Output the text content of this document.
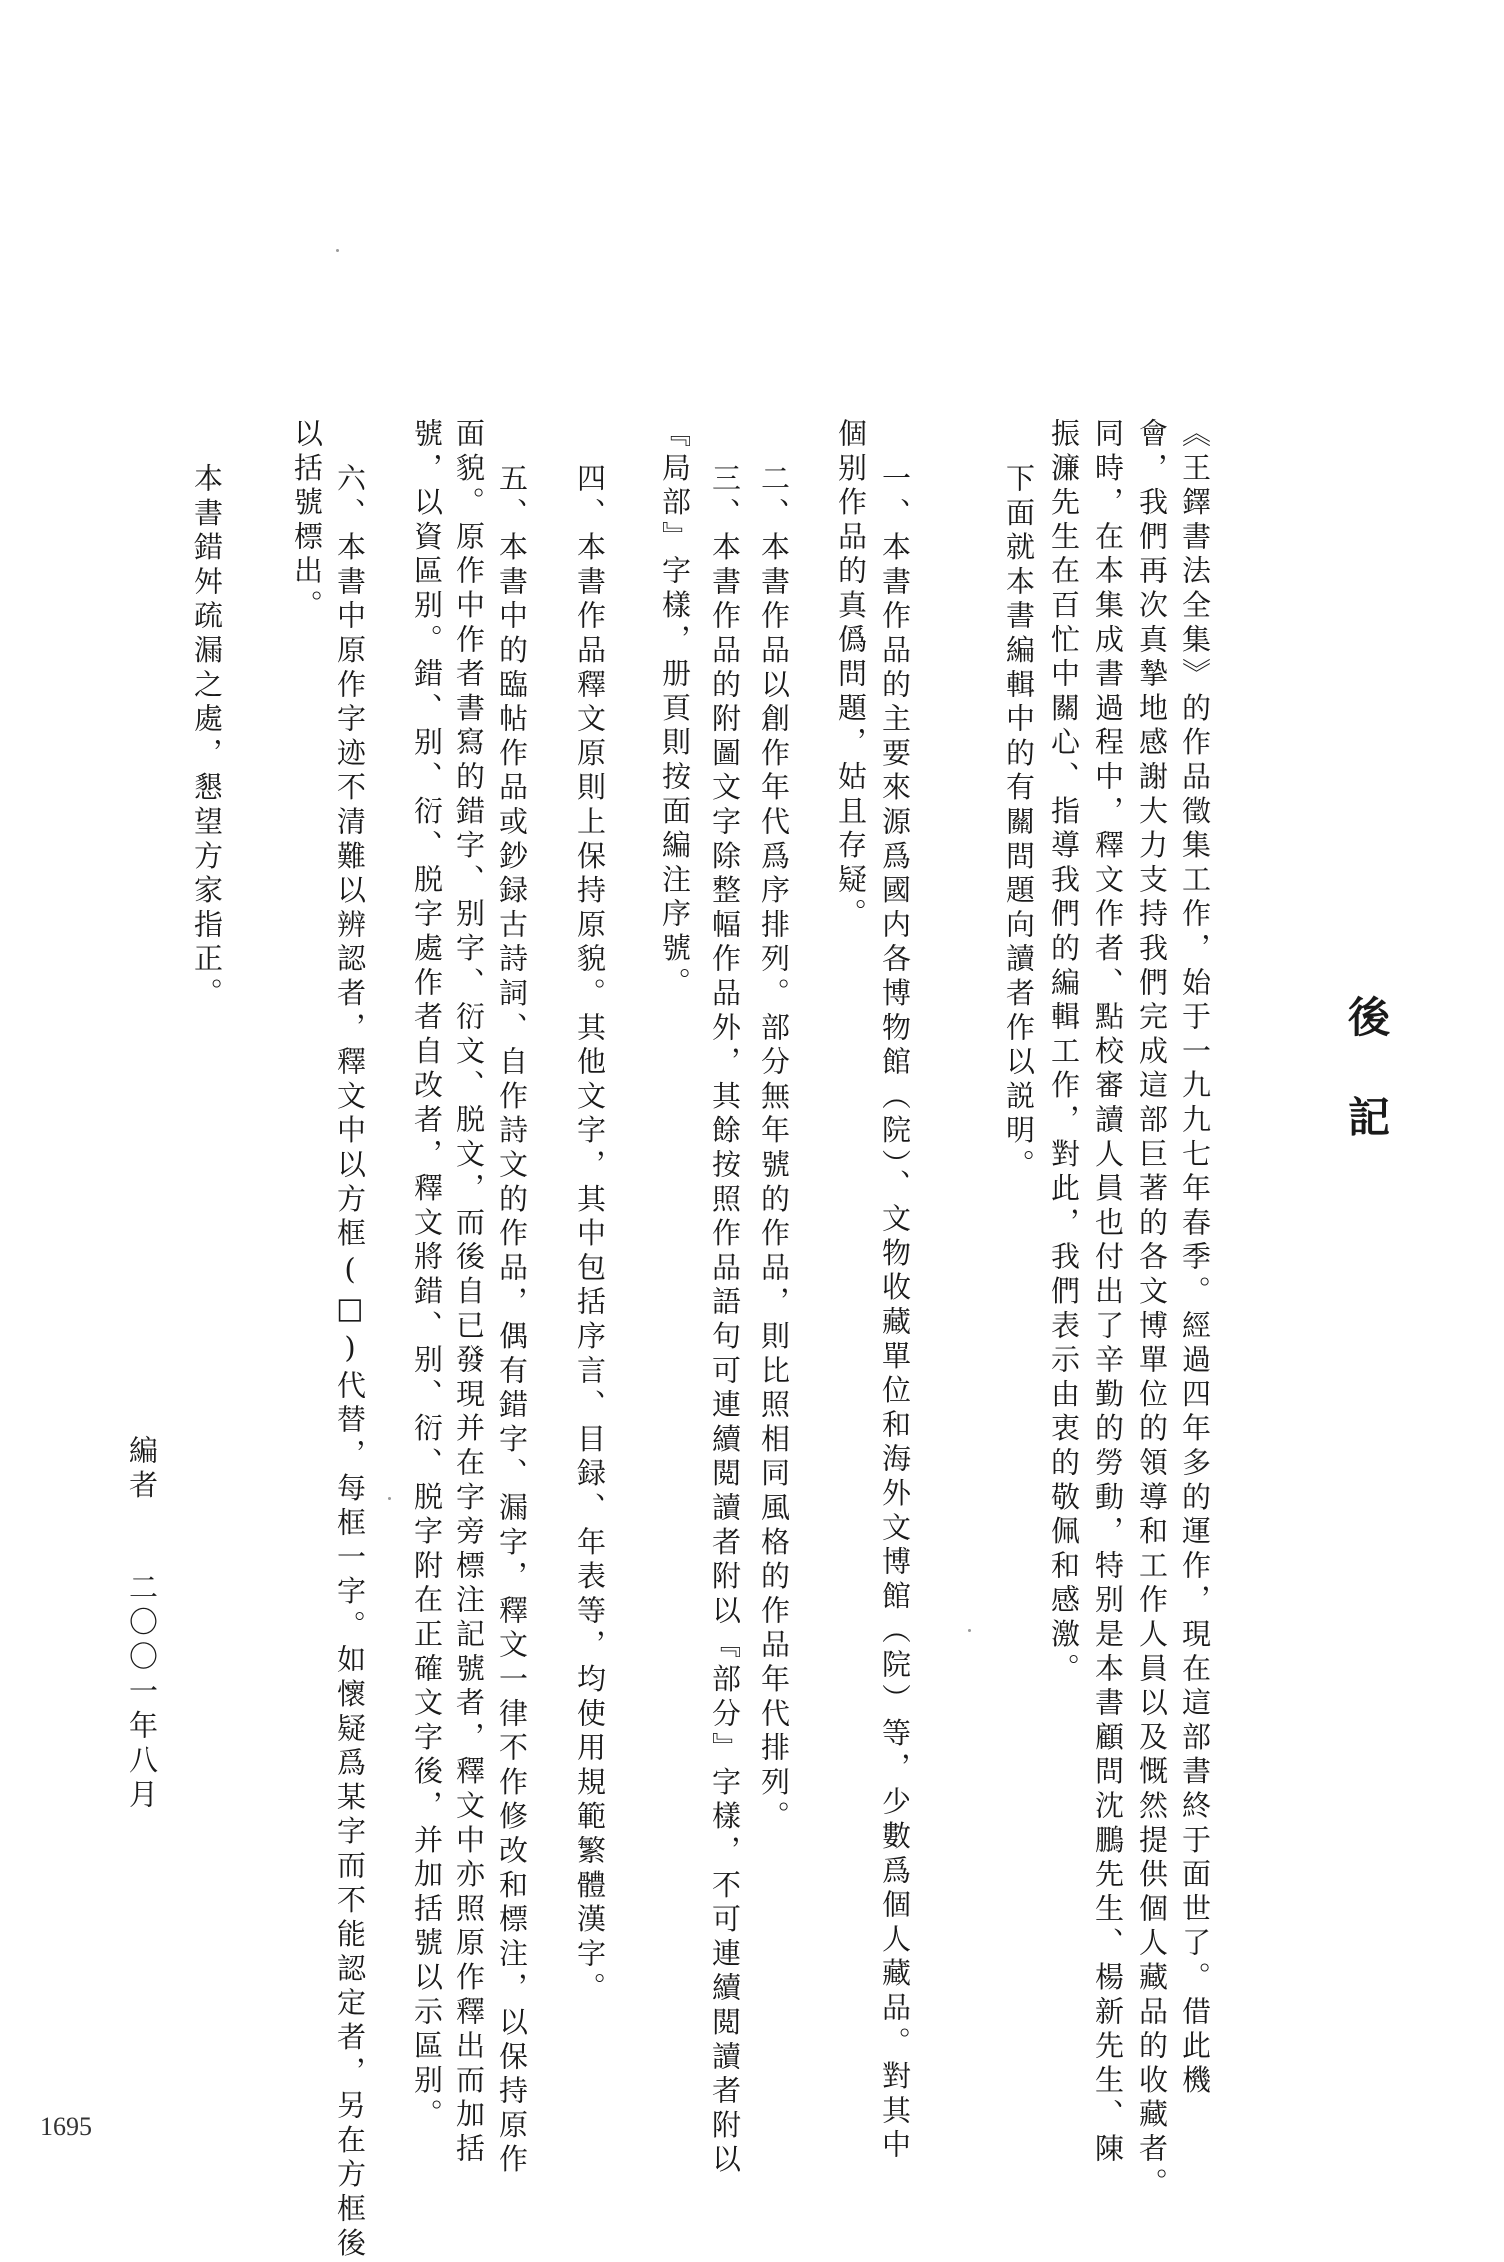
後記

《王鐸書法全集》的作品徵集工作，始于一九九七年春季。經過四年多的運作，現在這部書終于面世了。借此機

會，我們再次真摯地感謝大力支持我們完成這部巨著的各文博單位的領導和工作人員以及慨然提供個人藏品的收藏者。

同時，在本集成書過程中，釋文作者、點校審讀人員也付出了辛勤的勞動，特别是本書顧問沈鵬先生、楊新先生、陳

振濂先生在百忙中關心、指導我們的編輯工作，對此，我們表示由衷的敬佩和感激。

下面就本書編輯中的有關問題向讀者作以説明。

一、本書作品的主要來源爲國内各博物館（院）、文物收藏單位和海外文博館（院）等，少數爲個人藏品。對其中

個别作品的真僞問題，姑且存疑。

二、本書作品以創作年代爲序排列。部分無年號的作品，則比照相同風格的作品年代排列。

三、本書作品的附圖文字除整幅作品外，其餘按照作品語句可連續閲讀者附以『部分』字樣，不可連續閲讀者附以

『局部』字樣，册頁則按面編注序號。

四、本書作品釋文原則上保持原貌。其他文字，其中包括序言、目録、年表等，均使用規範繁體漢字。

五、本書中的臨帖作品或鈔録古詩詞、自作詩文的作品，偶有錯字、漏字，釋文一律不作修改和標注，以保持原作

面貌。原作中作者書寫的錯字、别字、衍文、脱文，而後自已發現并在字旁標注記號者，釋文中亦照原作釋出而加括

號，以資區别。錯、别、衍、脱字處作者自改者，釋文將錯、别、衍、脱字附在正確文字後，并加括號以示區别。

六、本書中原作字迹不清難以辨認者，釋文中以方框(□)代替，每框一字。如懷疑爲某字而不能認定者，另在方框後

以括號標出。

本書錯舛疏漏之處，懇望方家指正。

編者

二〇〇一年八月

1695
